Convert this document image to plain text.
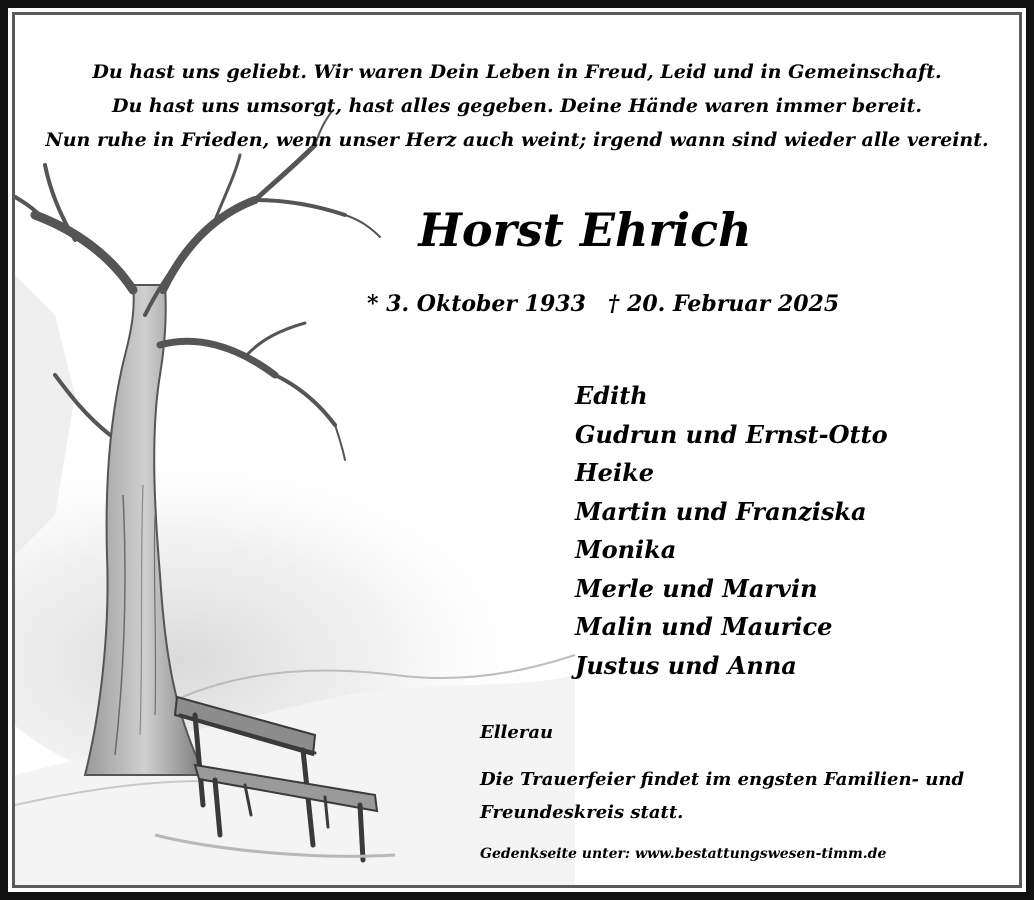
Du hast uns geliebt. Wir waren Dein Leben in Freud, Leid und in Gemeinschaft.
Du hast uns umsorgt, hast alles gegeben. Deine Hände waren immer bereit.
Nun ruhe in Frieden, wenn unser Herz auch weint; irgend wann sind wieder alle vereint.
Horst Ehrich
* 3. Oktober 1933 † 20. Februar 2025
Edith
Gudrun und Ernst-Otto
Heike
Martin und Franziska
Monika
Merle und Marvin
Malin und Maurice
Justus und Anna
Ellerau
Die Trauerfeier findet im engsten Familien- und
Freundeskreis statt.
Gedenkseite unter: www.bestattungswesen-timm.de
